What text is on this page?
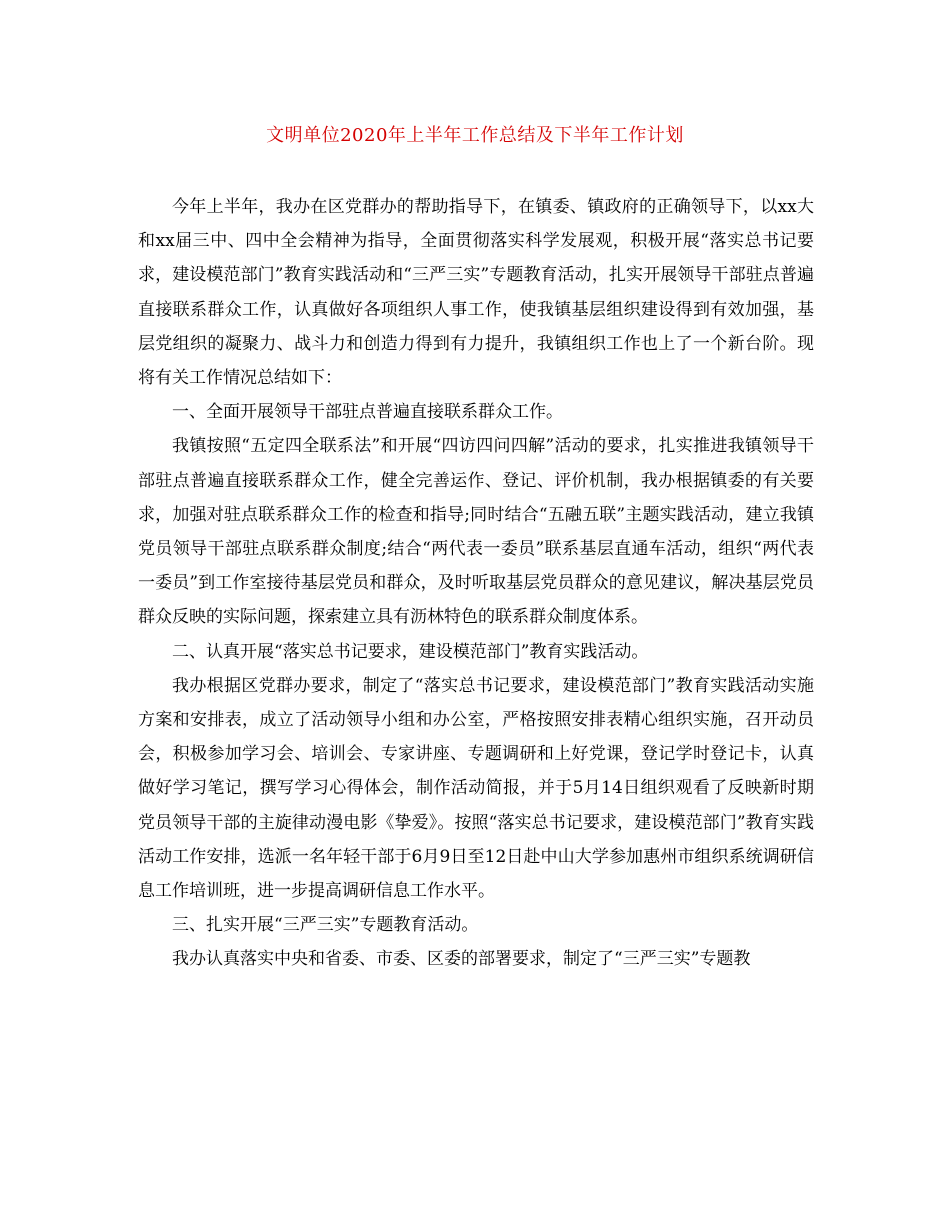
文明单位2020年上半年工作总结及下半年工作计划

今年上半年，我办在区党群办的帮助指导下，在镇委、镇政府的正确领导下，以xx大和xx届三中、四中全会精神为指导，全面贯彻落实科学发展观，积极开展“落实总书记要求，建设模范部门”教育实践活动和“三严三实”专题教育活动，扎实开展领导干部驻点普遍直接联系群众工作，认真做好各项组织人事工作，使我镇基层组织建设得到有效加强，基层党组织的凝聚力、战斗力和创造力得到有力提升，我镇组织工作也上了一个新台阶。现将有关工作情况总结如下：

一、全面开展领导干部驻点普遍直接联系群众工作。

我镇按照“五定四全联系法”和开展“四访四问四解”活动的要求，扎实推进我镇领导干部驻点普遍直接联系群众工作，健全完善运作、登记、评价机制，我办根据镇委的有关要求，加强对驻点联系群众工作的检查和指导;同时结合“五融五联”主题实践活动，建立我镇党员领导干部驻点联系群众制度;结合“两代表一委员”联系基层直通车活动，组织“两代表一委员”到工作室接待基层党员和群众，及时听取基层党员群众的意见建议，解决基层党员群众反映的实际问题，探索建立具有沥林特色的联系群众制度体系。

二、认真开展“落实总书记要求，建设模范部门”教育实践活动。

我办根据区党群办要求，制定了“落实总书记要求，建设模范部门”教育实践活动实施方案和安排表，成立了活动领导小组和办公室，严格按照安排表精心组织实施，召开动员会，积极参加学习会、培训会、专家讲座、专题调研和上好党课，登记学时登记卡，认真做好学习笔记，撰写学习心得体会，制作活动简报，并于5月14日组织观看了反映新时期党员领导干部的主旋律动漫电影《挚爱》。按照“落实总书记要求，建设模范部门”教育实践活动工作安排，选派一名年轻干部于6月9日至12日赴中山大学参加惠州市组织系统调研信息工作培训班，进一步提高调研信息工作水平。

三、扎实开展“三严三实”专题教育活动。

我办认真落实中央和省委、市委、区委的部署要求，制定了“三严三实”专题教
